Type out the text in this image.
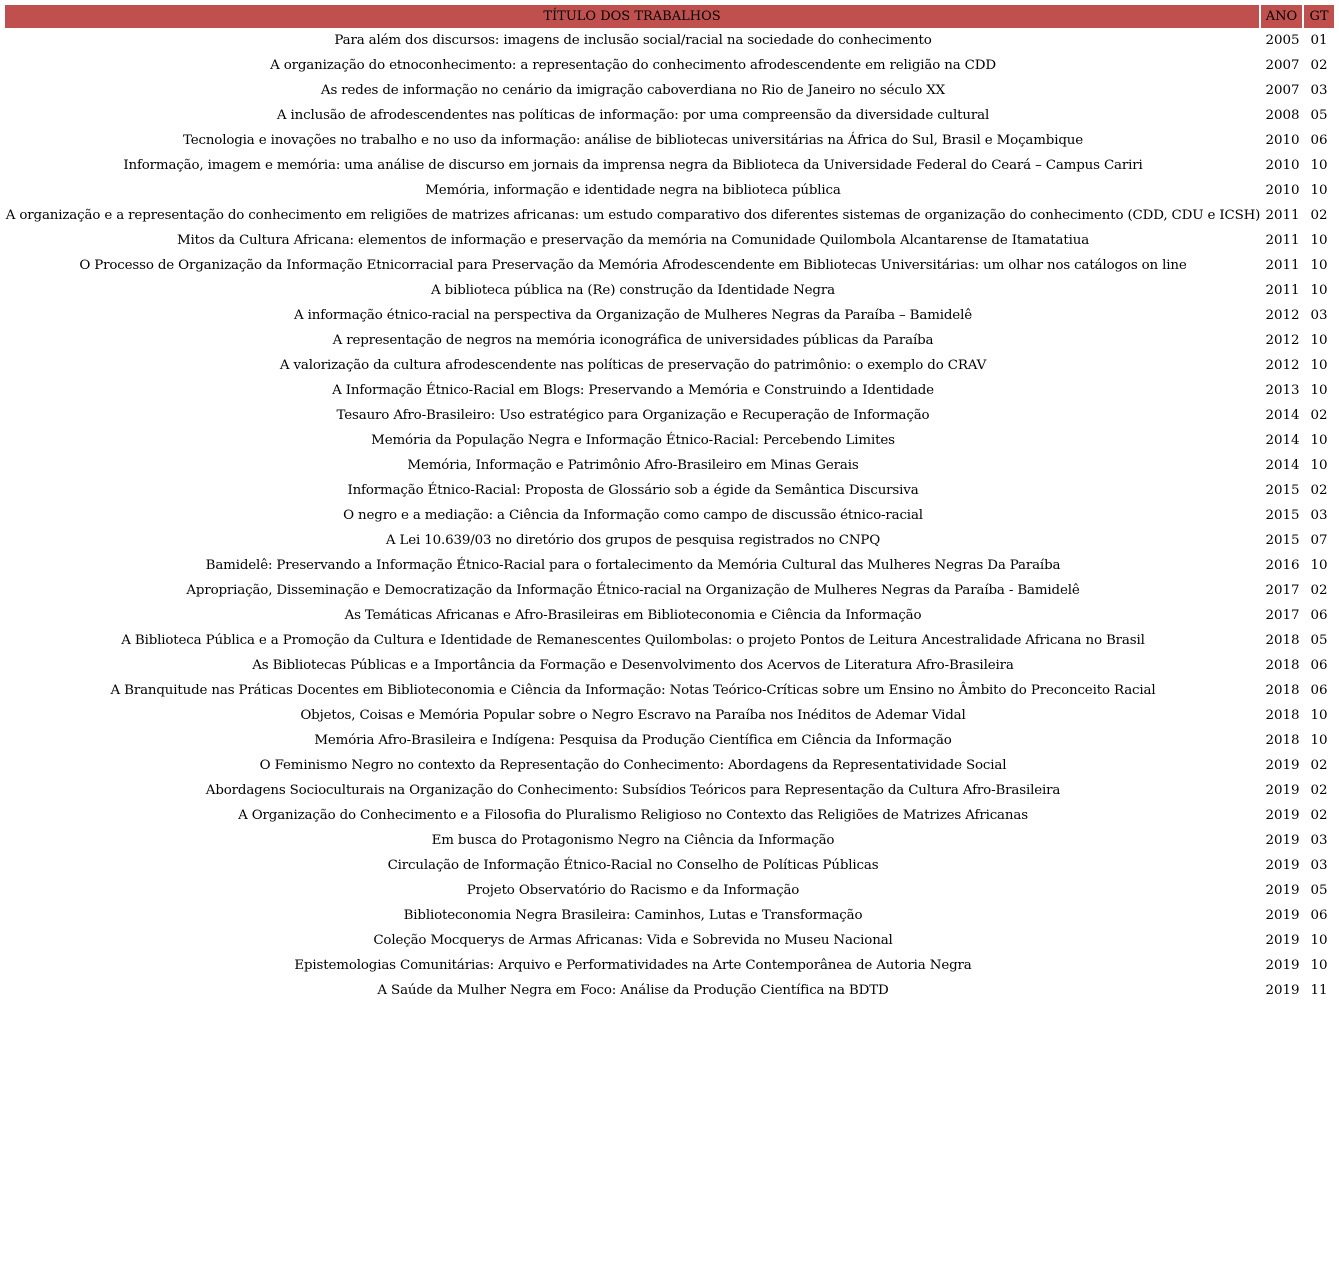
TÍTULO DOS TRABALHOS	ANO	GT
Para além dos discursos: imagens de inclusão social/racial na sociedade do conhecimento	2005	01
A organização do etnoconhecimento: a representação do conhecimento afrodescendente em religião na CDD	2007	02
As redes de informação no cenário da imigração caboverdiana no Rio de Janeiro no século XX	2007	03
A inclusão de afrodescendentes nas políticas de informação: por uma compreensão da diversidade cultural	2008	05
Tecnologia e inovações no trabalho e no uso da informação: análise de bibliotecas universitárias na África do Sul, Brasil e Moçambique	2010	06
Informação, imagem e memória: uma análise de discurso em jornais da imprensa negra da Biblioteca da Universidade Federal do Ceará – Campus Cariri	2010	10
Memória, informação e identidade negra na biblioteca pública	2010	10
A organização e a representação do conhecimento em religiões de matrizes africanas: um estudo comparativo dos diferentes sistemas de organização do conhecimento (CDD, CDU e ICSH)	2011	02
Mitos da Cultura Africana: elementos de informação e preservação da memória na Comunidade Quilombola Alcantarense de Itamatatiua	2011	10
O Processo de Organização da Informação Etnicorracial para Preservação da Memória Afrodescendente em Bibliotecas Universitárias: um olhar nos catálogos on line	2011	10
A biblioteca pública na (Re) construção da Identidade Negra	2011	10
A informação étnico-racial na perspectiva da Organização de Mulheres Negras da Paraíba – Bamidelê	2012	03
A representação de negros na memória iconográfica de universidades públicas da Paraíba	2012	10
A valorização da cultura afrodescendente nas políticas de preservação do patrimônio: o exemplo do CRAV	2012	10
A Informação Étnico-Racial em Blogs: Preservando a Memória e Construindo a Identidade	2013	10
Tesauro Afro-Brasileiro: Uso estratégico para Organização e Recuperação de Informação	2014	02
Memória da População Negra e Informação Étnico-Racial: Percebendo Limites	2014	10
Memória, Informação e Patrimônio Afro-Brasileiro em Minas Gerais	2014	10
Informação Étnico-Racial: Proposta de Glossário sob a égide da Semântica Discursiva	2015	02
O negro e a mediação: a Ciência da Informação como campo de discussão étnico-racial	2015	03
A Lei 10.639/03 no diretório dos grupos de pesquisa registrados no CNPQ	2015	07
Bamidelê: Preservando a Informação Étnico-Racial para o fortalecimento da Memória Cultural das Mulheres Negras Da Paraíba	2016	10
Apropriação, Disseminação e Democratização da Informação Étnico-racial na Organização de Mulheres Negras da Paraíba - Bamidelê	2017	02
As Temáticas Africanas e Afro-Brasileiras em Biblioteconomia e Ciência da Informação	2017	06
A Biblioteca Pública e a Promoção da Cultura e Identidade de Remanescentes Quilombolas: o projeto Pontos de Leitura Ancestralidade Africana no Brasil	2018	05
As Bibliotecas Públicas e a Importância da Formação e Desenvolvimento dos Acervos de Literatura Afro-Brasileira	2018	06
A Branquitude nas Práticas Docentes em Biblioteconomia e Ciência da Informação: Notas Teórico-Críticas sobre um Ensino no Âmbito do Preconceito Racial	2018	06
Objetos, Coisas e Memória Popular sobre o Negro Escravo na Paraíba nos Inéditos de Ademar Vidal	2018	10
Memória Afro-Brasileira e Indígena: Pesquisa da Produção Científica em Ciência da Informação	2018	10
O Feminismo Negro no contexto da Representação do Conhecimento: Abordagens da Representatividade Social	2019	02
Abordagens Socioculturais na Organização do Conhecimento: Subsídios Teóricos para Representação da Cultura Afro-Brasileira	2019	02
A Organização do Conhecimento e a Filosofia do Pluralismo Religioso no Contexto das Religiões de Matrizes Africanas	2019	02
Em busca do Protagonismo Negro na Ciência da Informação	2019	03
Circulação de Informação Étnico-Racial no Conselho de Políticas Públicas	2019	03
Projeto Observatório do Racismo e da Informação	2019	05
Biblioteconomia Negra Brasileira: Caminhos, Lutas e Transformação	2019	06
Coleção Mocquerys de Armas Africanas: Vida e Sobrevida no Museu Nacional	2019	10
Epistemologias Comunitárias: Arquivo e Performatividades na Arte Contemporânea de Autoria Negra	2019	10
A Saúde da Mulher Negra em Foco: Análise da Produção Científica na BDTD	2019	11
